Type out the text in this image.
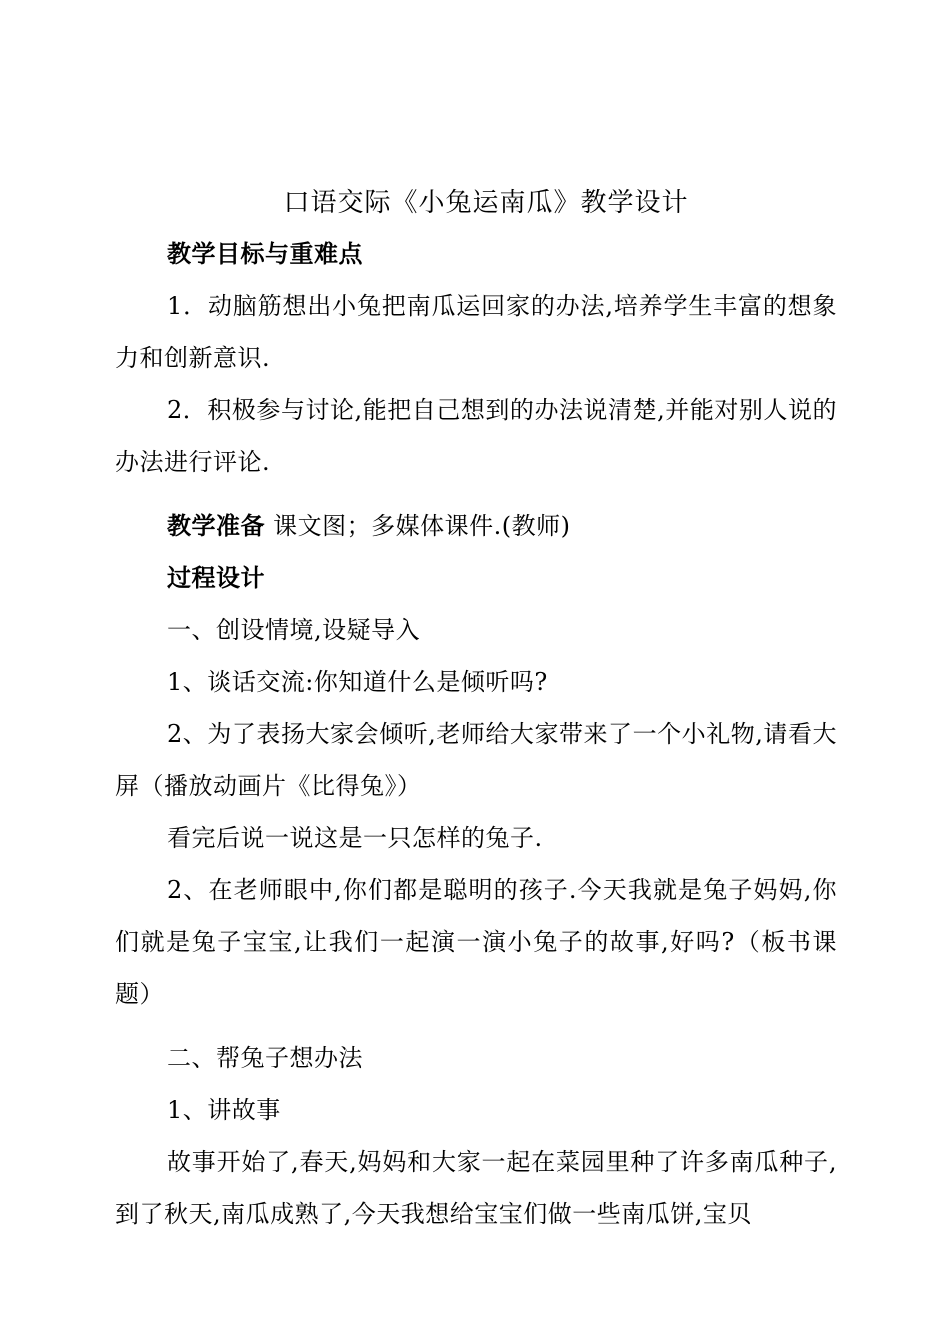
口语交际《小兔运南瓜》教学设计

教学目标与重难点

1．动脑筋想出小兔把南瓜运回家的办法,培养学生丰富的想象力和创新意识.

2．积极参与讨论,能把自己想到的办法说清楚,并能对别人说的办法进行评论.

教学准备 课文图；多媒体课件.(教师)

过程设计

一、创设情境,设疑导入

1、谈话交流:你知道什么是倾听吗?

2、为了表扬大家会倾听,老师给大家带来了一个小礼物,请看大屏（播放动画片《比得兔》）

看完后说一说这是一只怎样的兔子.

2、在老师眼中,你们都是聪明的孩子.今天我就是兔子妈妈,你们就是兔子宝宝,让我们一起演一演小兔子的故事,好吗?（板书课题）

二、帮兔子想办法

1、讲故事

故事开始了,春天,妈妈和大家一起在菜园里种了许多南瓜种子,到了秋天,南瓜成熟了,今天我想给宝宝们做一些南瓜饼,宝贝
